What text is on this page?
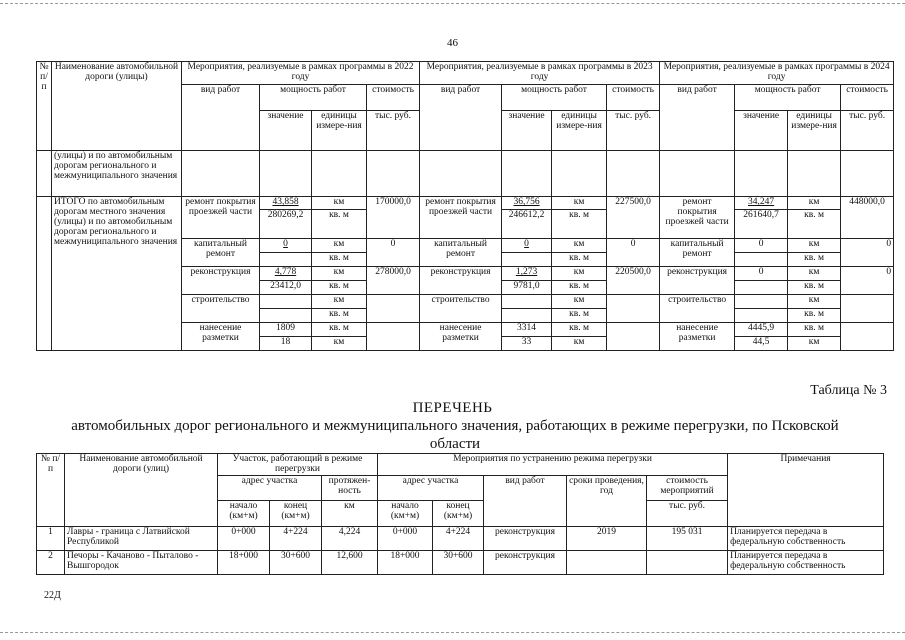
46
№ п/п	Наименование автомобильной дороги (улицы)	Мероприятия, реализуемые в рамках программы в 2022 году				Мероприятия, реализуемые в рамках программы в 2023 году				Мероприятия, реализуемые в рамках программы в 2024 году			
		вид работ	мощность работ		стоимость	вид работ	мощность работ		стоимость	вид работ	мощность работ		стоимость
			значение	единицы измере-ния	тыс. руб.		значение	единицы измере-ния	тыс. руб.		значение	единицы измере-ния	тыс. руб.
	(улицы) и по автомобильным дорогам регионального и межмуниципального значения												
	ИТОГО по автомобильным дорогам местного значения (улицы) и по автомобильным дорогам регионального и межмуниципального значения	ремонт покрытия проезжей части	43,858	км	170000,0	ремонт покрытия проезжей части	36,756	км	227500,0	ремонт покрытия проезжей части	34,247	км	448000,0
			280269,2	кв. м			246612,2	кв. м			261640,7	кв. м	
		капитальный ремонт	0	км	0	капитальный ремонт	0	км	0	капитальный ремонт	0	км	0
				кв. м				кв. м				кв. м	
		реконструкция	4,778	км	278000,0	реконструкция	1,273	км	220500,0	реконструкция	0	км	0
			23412,0	кв. м			9781,0	кв. м				кв. м	
		строительство		км		строительство		км		строительство		км	
				кв. м				кв. м				кв. м	
		нанесение разметки	1809	кв. м		нанесение разметки	3314	кв. м		нанесение разметки	4445,9	кв. м	
			18	км			33	км			44,5	км	
Таблица № 3
ПЕРЕЧЕНЬ
автомобильных дорог регионального и межмуниципального значения, работающих в режиме перегрузки, по Псковской области
№ п/п	Наименование автомобильной дороги (улиц)	Участок, работающий в режиме перегрузки			Мероприятия по устранению режима перегрузки					Примечания
		адрес участка		протяжен-ность	адрес участка		вид работ	сроки проведения, год	стоимость мероприятий	
		начало (км+м)	конец (км+м)	км	начало (км+м)	конец (км+м)			тыс. руб.	
1	Лавры - граница с Латвийской Республикой	0+000	4+224	4,224	0+000	4+224	реконструкция	2019	195 031	Планируется передача в федеральную собственность
2	Печоры - Качаново - Пыталово - Вышгородок	18+000	30+600	12,600	18+000	30+600	реконструкция			Планируется передача в федеральную собственность
22Д
